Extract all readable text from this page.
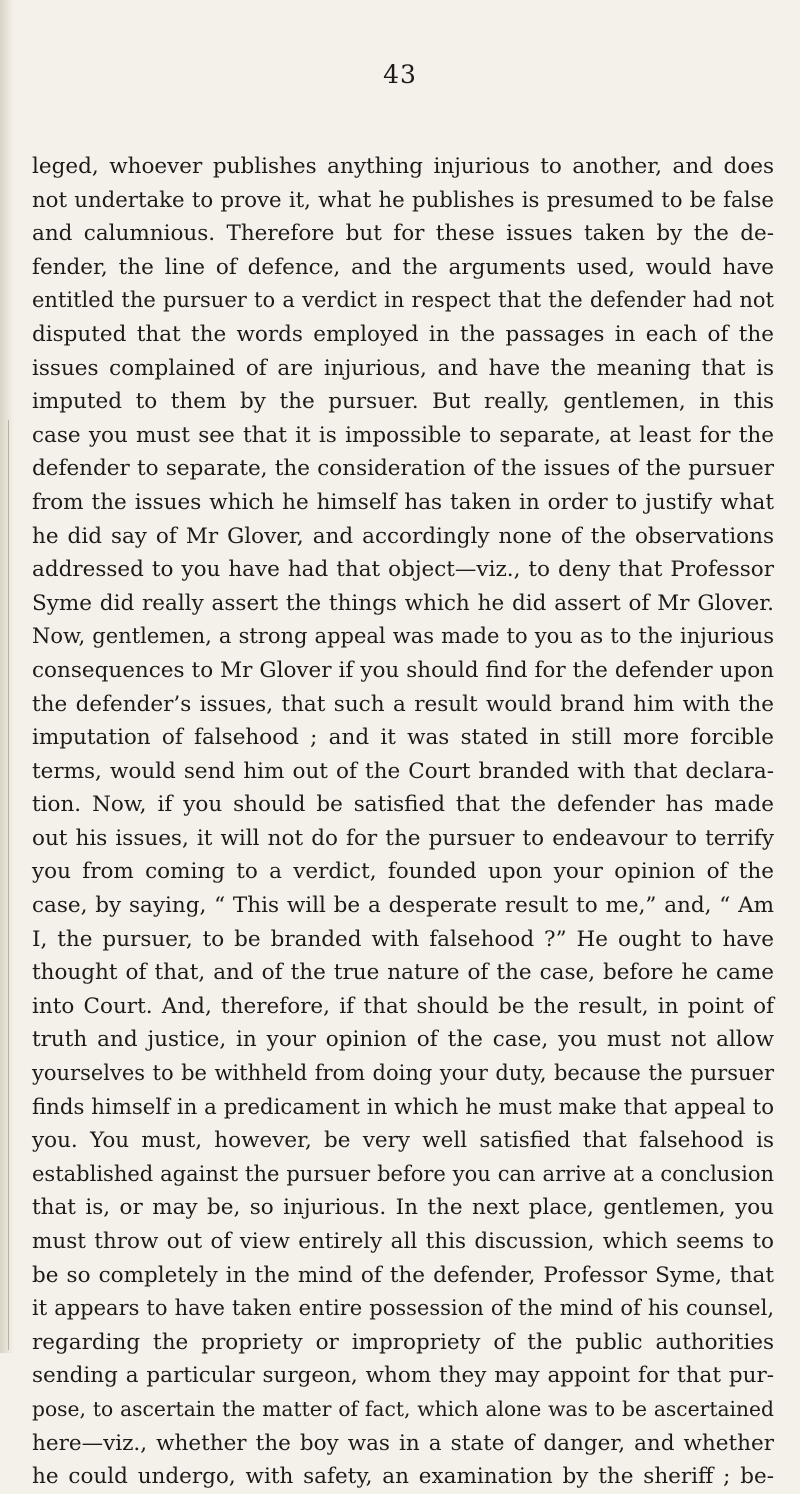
43
leged, whoever publishes anything injurious to another, and does
not undertake to prove it, what he publishes is presumed to be false
and calumnious. Therefore but for these issues taken by the de-
fender, the line of defence, and the arguments used, would have
entitled the pursuer to a verdict in respect that the defender had not
disputed that the words employed in the passages in each of the
issues complained of are injurious, and have the meaning that is
imputed to them by the pursuer. But really, gentlemen, in this
case you must see that it is impossible to separate, at least for the
defender to separate, the consideration of the issues of the pursuer
from the issues which he himself has taken in order to justify what
he did say of Mr Glover, and accordingly none of the observations
addressed to you have had that object—viz., to deny that Professor
Syme did really assert the things which he did assert of Mr Glover.
Now, gentlemen, a strong appeal was made to you as to the injurious
consequences to Mr Glover if you should find for the defender upon
the defender’s issues, that such a result would brand him with the
imputation of falsehood ; and it was stated in still more forcible
terms, would send him out of the Court branded with that declara-
tion. Now, if you should be satisfied that the defender has made
out his issues, it will not do for the pursuer to endeavour to terrify
you from coming to a verdict, founded upon your opinion of the
case, by saying, “ This will be a desperate result to me,” and, “ Am
I, the pursuer, to be branded with falsehood ?” He ought to have
thought of that, and of the true nature of the case, before he came
into Court. And, therefore, if that should be the result, in point of
truth and justice, in your opinion of the case, you must not allow
yourselves to be withheld from doing your duty, because the pursuer
finds himself in a predicament in which he must make that appeal to
you. You must, however, be very well satisfied that falsehood is
established against the pursuer before you can arrive at a conclusion
that is, or may be, so injurious. In the next place, gentlemen, you
must throw out of view entirely all this discussion, which seems to
be so completely in the mind of the defender, Professor Syme, that
it appears to have taken entire possession of the mind of his counsel,
regarding the propriety or impropriety of the public authorities
sending a particular surgeon, whom they may appoint for that pur-
pose, to ascertain the matter of fact, which alone was to be ascertained
here—viz., whether the boy was in a state of danger, and whether
he could undergo, with safety, an examination by the sheriff ; be-
